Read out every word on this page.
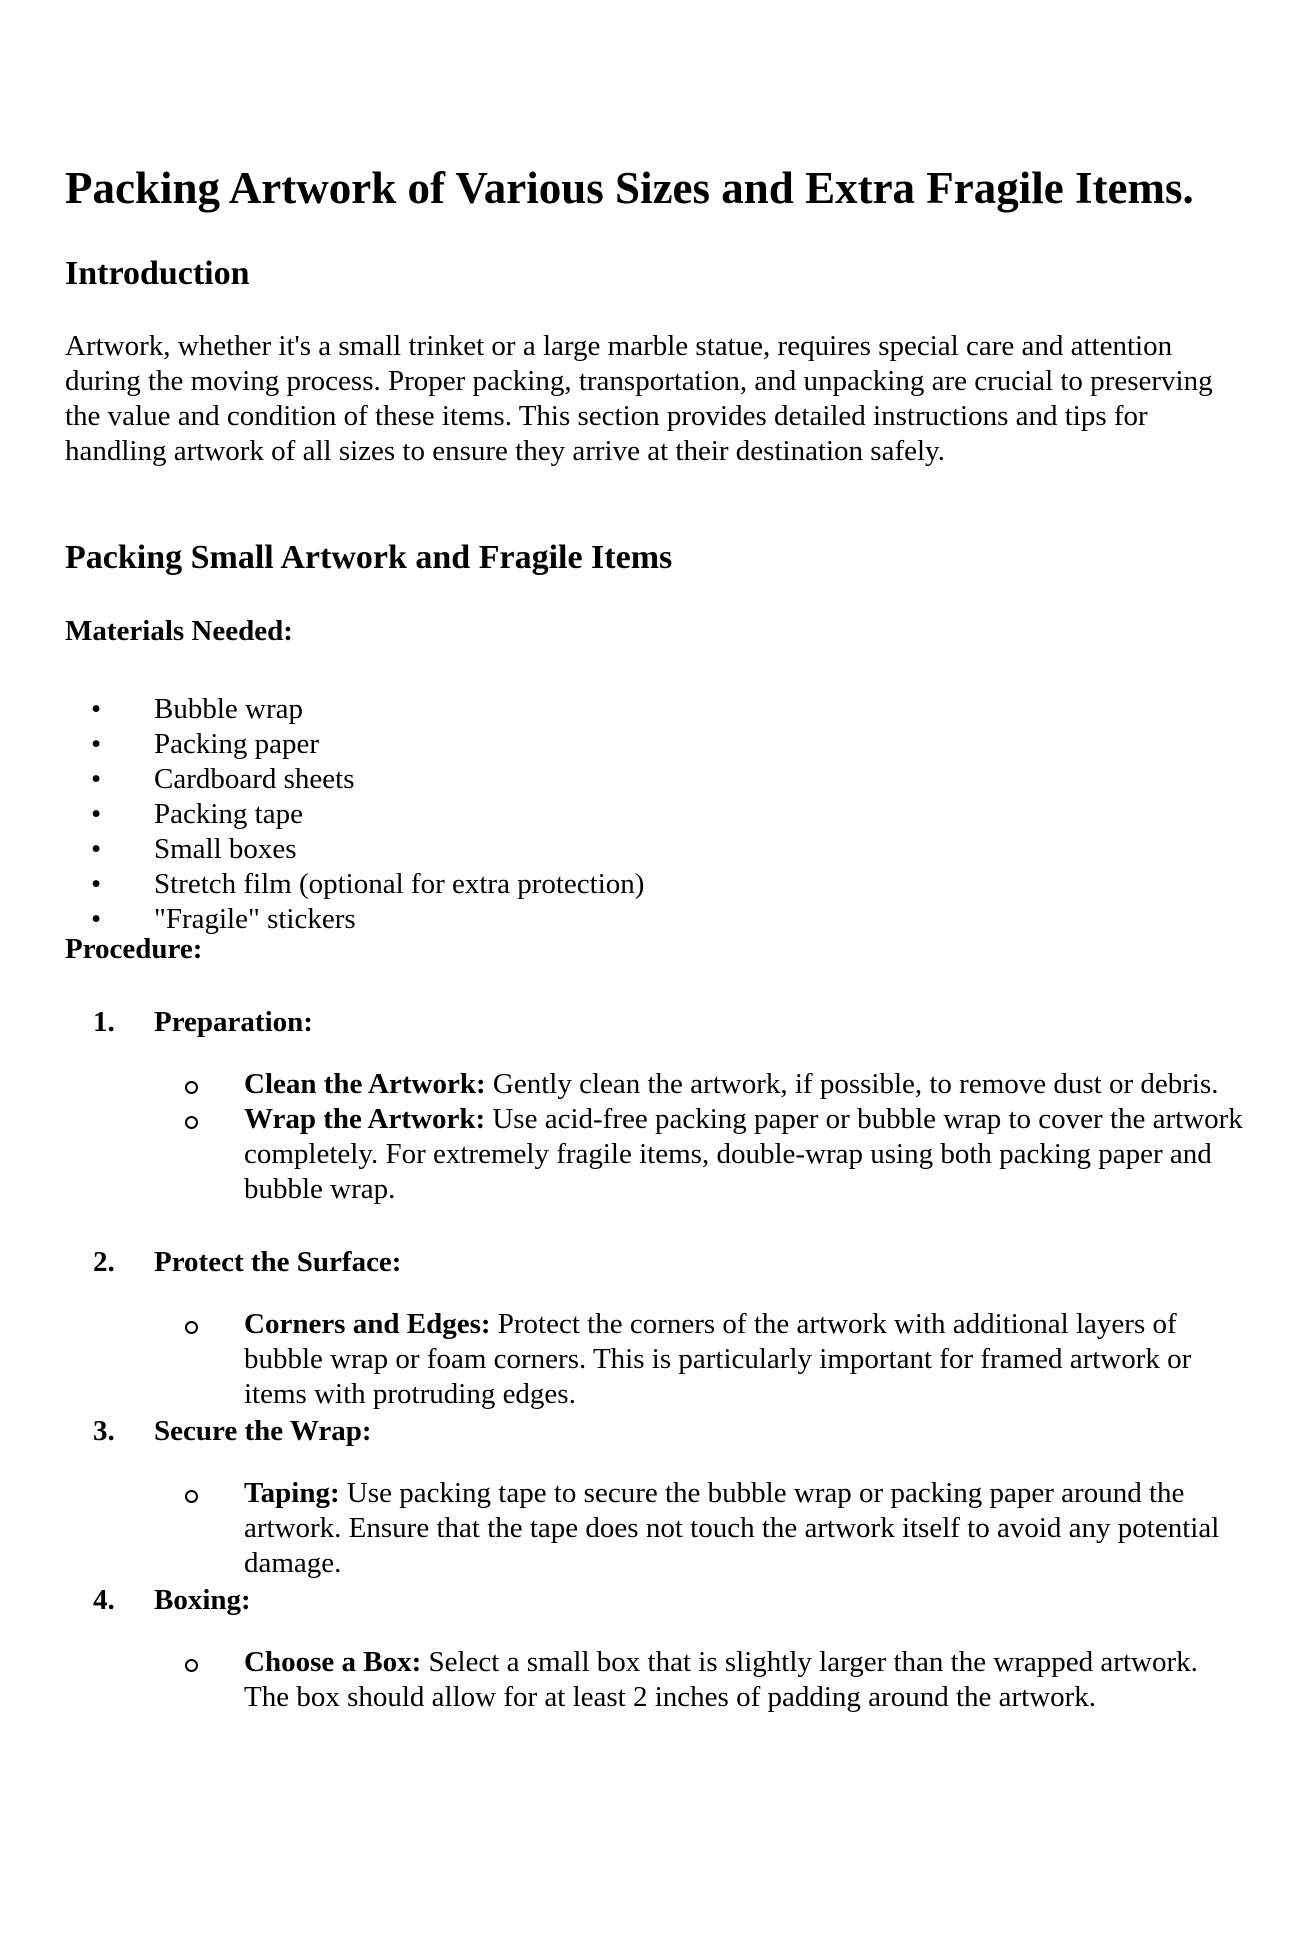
Packing Artwork of Various Sizes and Extra Fragile Items.
Introduction

Artwork, whether it's a small trinket or a large marble statue, requires special care and attention during the moving process. Proper packing, transportation, and unpacking are crucial to preserving the value and condition of these items. This section provides detailed instructions and tips for handling artwork of all sizes to ensure they arrive at their destination safely.

Packing Small Artwork and Fragile Items

Materials Needed:

• Bubble wrap
• Packing paper
• Cardboard sheets
• Packing tape
• Small boxes
• Stretch film (optional for extra protection)
• "Fragile" stickers

Procedure:

1. Preparation:
Clean the Artwork: Gently clean the artwork, if possible, to remove dust or debris.
Wrap the Artwork: Use acid-free packing paper or bubble wrap to cover the artwork completely. For extremely fragile items, double-wrap using both packing paper and bubble wrap.
2. Protect the Surface:
Corners and Edges: Protect the corners of the artwork with additional layers of bubble wrap or foam corners. This is particularly important for framed artwork or items with protruding edges.
3. Secure the Wrap:
Taping: Use packing tape to secure the bubble wrap or packing paper around the artwork. Ensure that the tape does not touch the artwork itself to avoid any potential damage.
4. Boxing:
Choose a Box: Select a small box that is slightly larger than the wrapped artwork. The box should allow for at least 2 inches of padding around the artwork.
